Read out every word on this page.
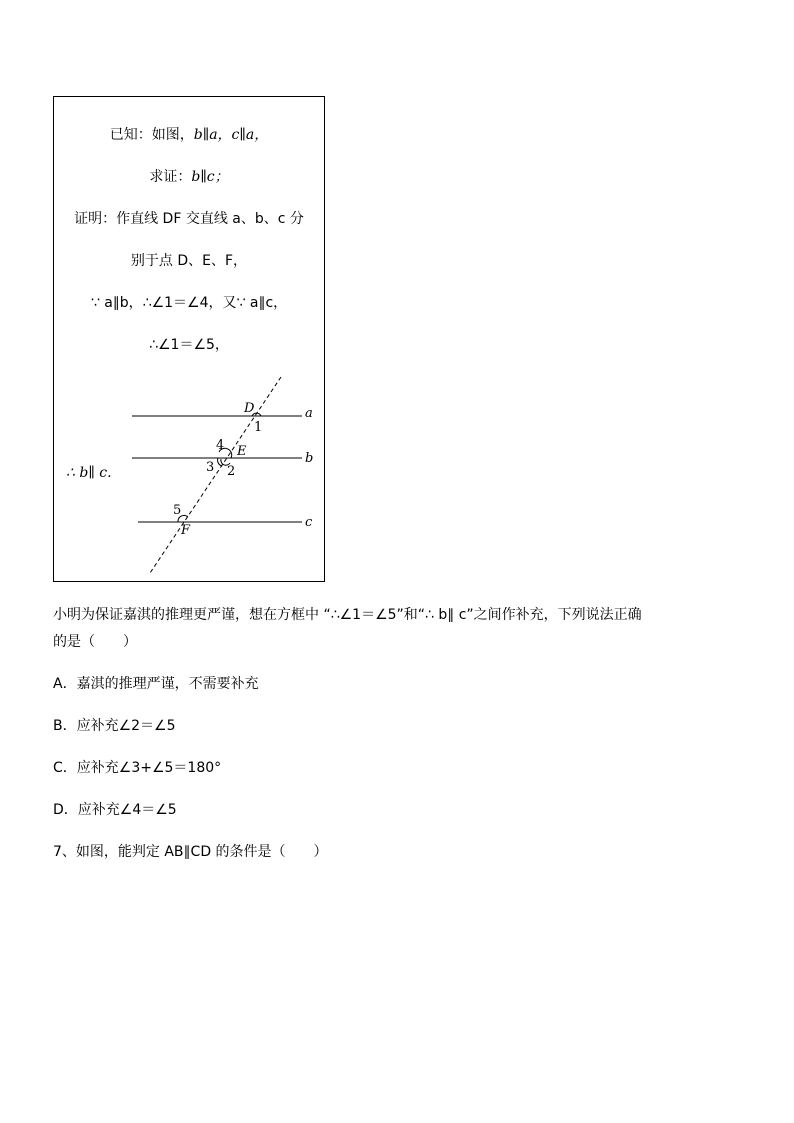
已知：如图，b∥a，c∥a，
求证：b∥c；
证明：作直线 DF 交直线 a、b、c 分
别于点 D、E、F，
∵ a∥b，∴∠1＝∠4，又∵ a∥c，
∴∠1＝∠5，
∴ b∥ c.
a
b
c
D
E
F
1
2
3
4
5
小明为保证嘉淇的推理更严谨，想在方框中 “∴∠1＝∠5”和“∴ b∥ c”之间作补充，下列说法正确
的是（　　）
A．嘉淇的推理严谨，不需要补充
B．应补充∠2＝∠5
C．应补充∠3+∠5＝180°
D．应补充∠4＝∠5
7、如图，能判定 AB∥CD 的条件是（　　）
